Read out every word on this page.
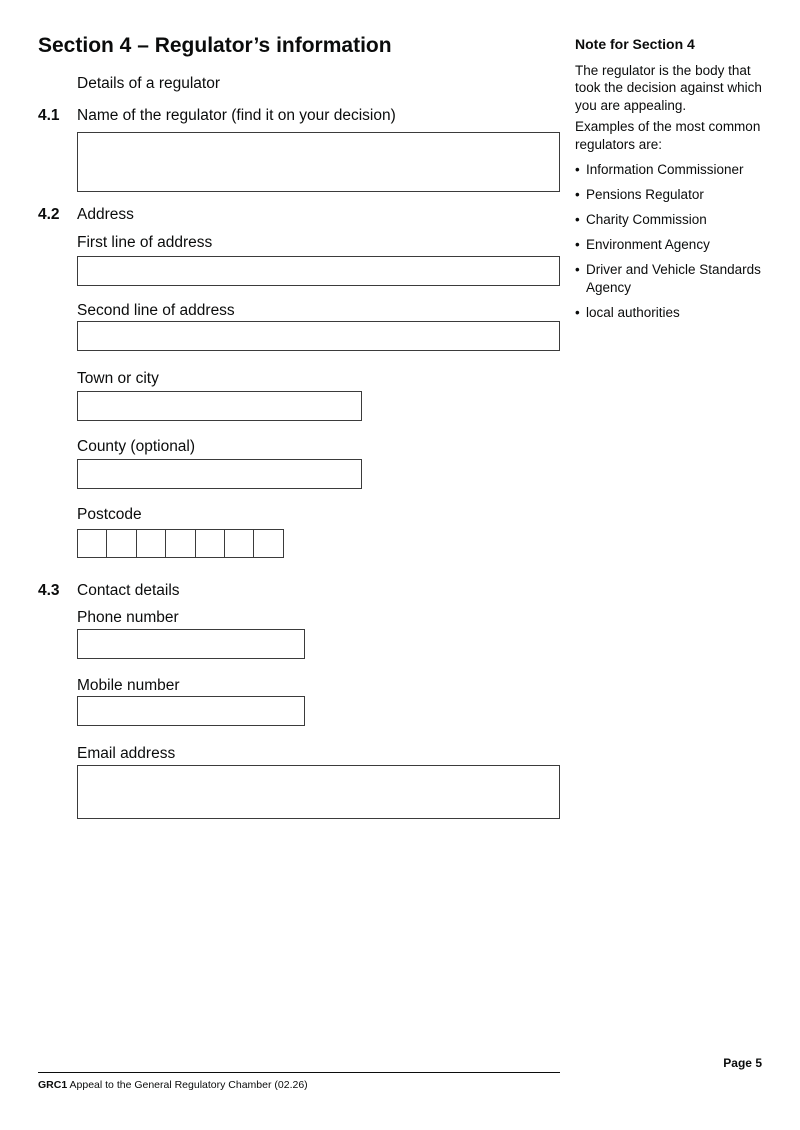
Section 4 – Regulator’s information
Details of a regulator
4.1 Name of the regulator (find it on your decision)
4.2 Address
First line of address
Second line of address
Town or city
County (optional)
Postcode
4.3 Contact details
Phone number
Mobile number
Email address
Note for Section 4

The regulator is the body that took the decision against which you are appealing.

Examples of the most common regulators are:

• Information Commissioner
• Pensions Regulator
• Charity Commission
• Environment Agency
• Driver and Vehicle Standards Agency
• local authorities
Page 5
GRC1 Appeal to the General Regulatory Chamber (02.26)
